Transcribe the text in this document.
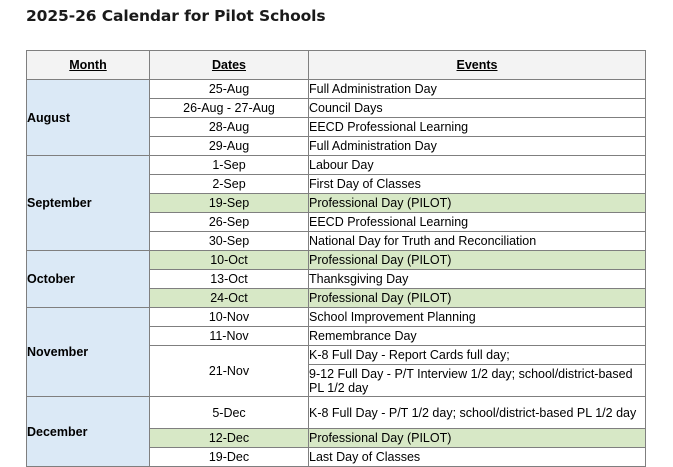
2025-26 Calendar for Pilot Schools
Month	Dates	Events
August	25-Aug	Full Administration Day
	26-Aug - 27-Aug	Council Days
	28-Aug	EECD Professional Learning
	29-Aug	Full Administration Day
September	1-Sep	Labour Day
	2-Sep	First Day of Classes
	19-Sep	Professional Day (PILOT)
	26-Sep	EECD Professional Learning
	30-Sep	National Day for Truth and Reconciliation
October	10-Oct	Professional Day (PILOT)
	13-Oct	Thanksgiving Day
	24-Oct	Professional Day (PILOT)
November	10-Nov	School Improvement Planning
	11-Nov	Remembrance Day
	21-Nov	K-8 Full Day - Report Cards full day;
		9-12 Full Day - P/T Interview 1/2 day; school/district-based PL 1/2 day
December	5-Dec	K-8 Full Day - P/T 1/2 day; school/district-based PL 1/2 day
	12-Dec	Professional Day (PILOT)
	19-Dec	Last Day of Classes
